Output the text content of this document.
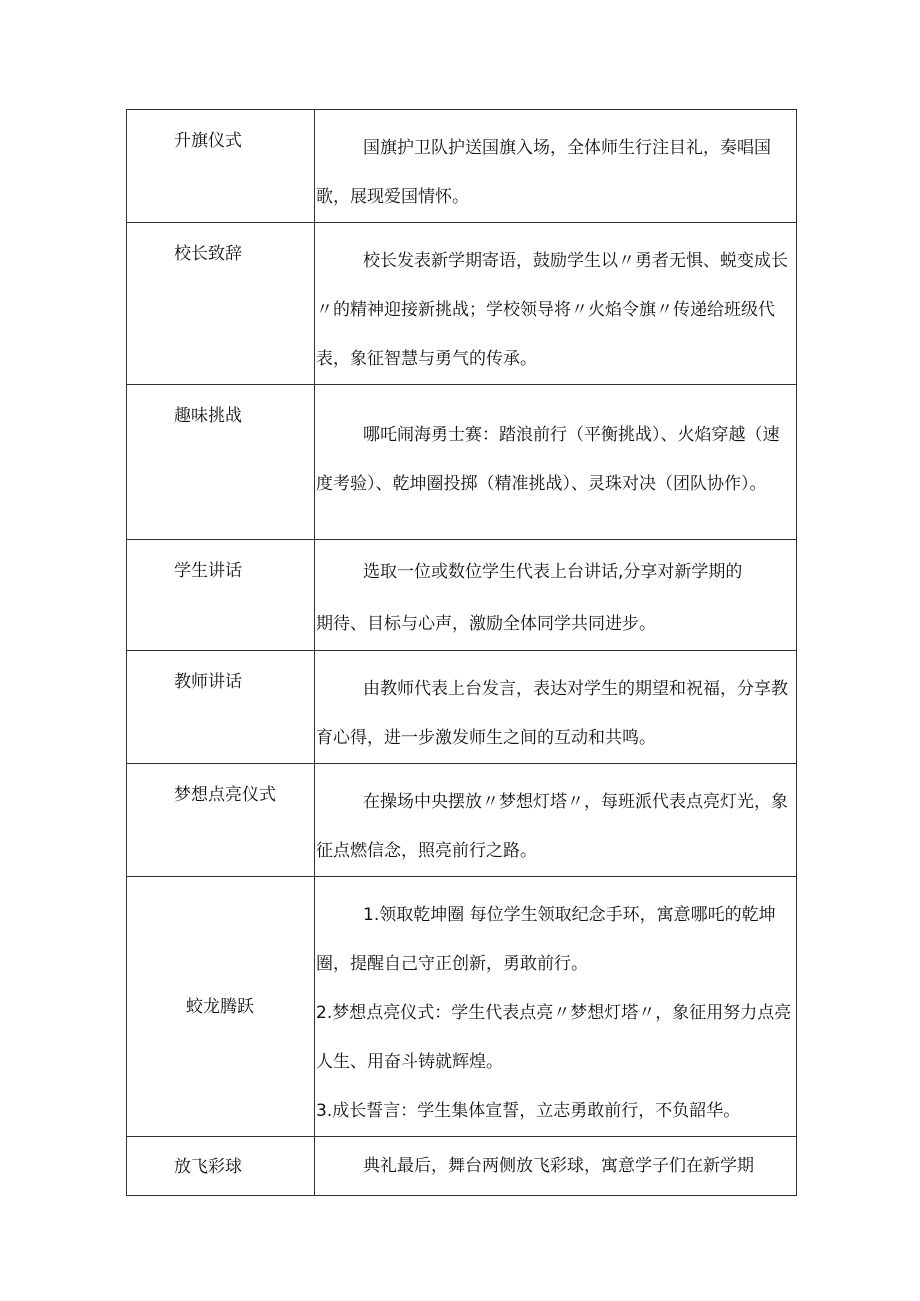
升旗仪式	国旗护卫队护送国旗入场，全体师生行注目礼，奏唱国歌，展现爱国情怀。

校长致辞	校长发表新学期寄语，鼓励学生以〃勇者无惧、蜕变成长〃的精神迎接新挑战；学校领导将〃火焰令旗〃传递给班级代表，象征智慧与勇气的传承。

趣味挑战	哪吒闹海勇士赛：踏浪前行（平衡挑战）、火焰穿越（速度考验）、乾坤圈投掷（精准挑战）、灵珠对决（团队协作）。

学生讲话	选取一位或数位学生代表上台讲话,分享对新学期的

期待、目标与心声，激励全体同学共同进步。

教师讲话	由教师代表上台发言，表达对学生的期望和祝福，分享教育心得，进一步激发师生之间的互动和共鸣。

梦想点亮仪式	在操场中央摆放〃梦想灯塔〃，每班派代表点亮灯光，象征点燃信念，照亮前行之路。

蛟龙腾跃	1.领取乾坤圈 每位学生领取纪念手环，寓意哪吒的乾坤圈，提醒自己守正创新，勇敢前行。

2.梦想点亮仪式：学生代表点亮〃梦想灯塔〃，象征用努力点亮人生、用奋斗铸就辉煌。

3.成长誓言：学生集体宣誓，立志勇敢前行，不负韶华。

放飞彩球	典礼最后，舞台两侧放飞彩球，寓意学子们在新学期
